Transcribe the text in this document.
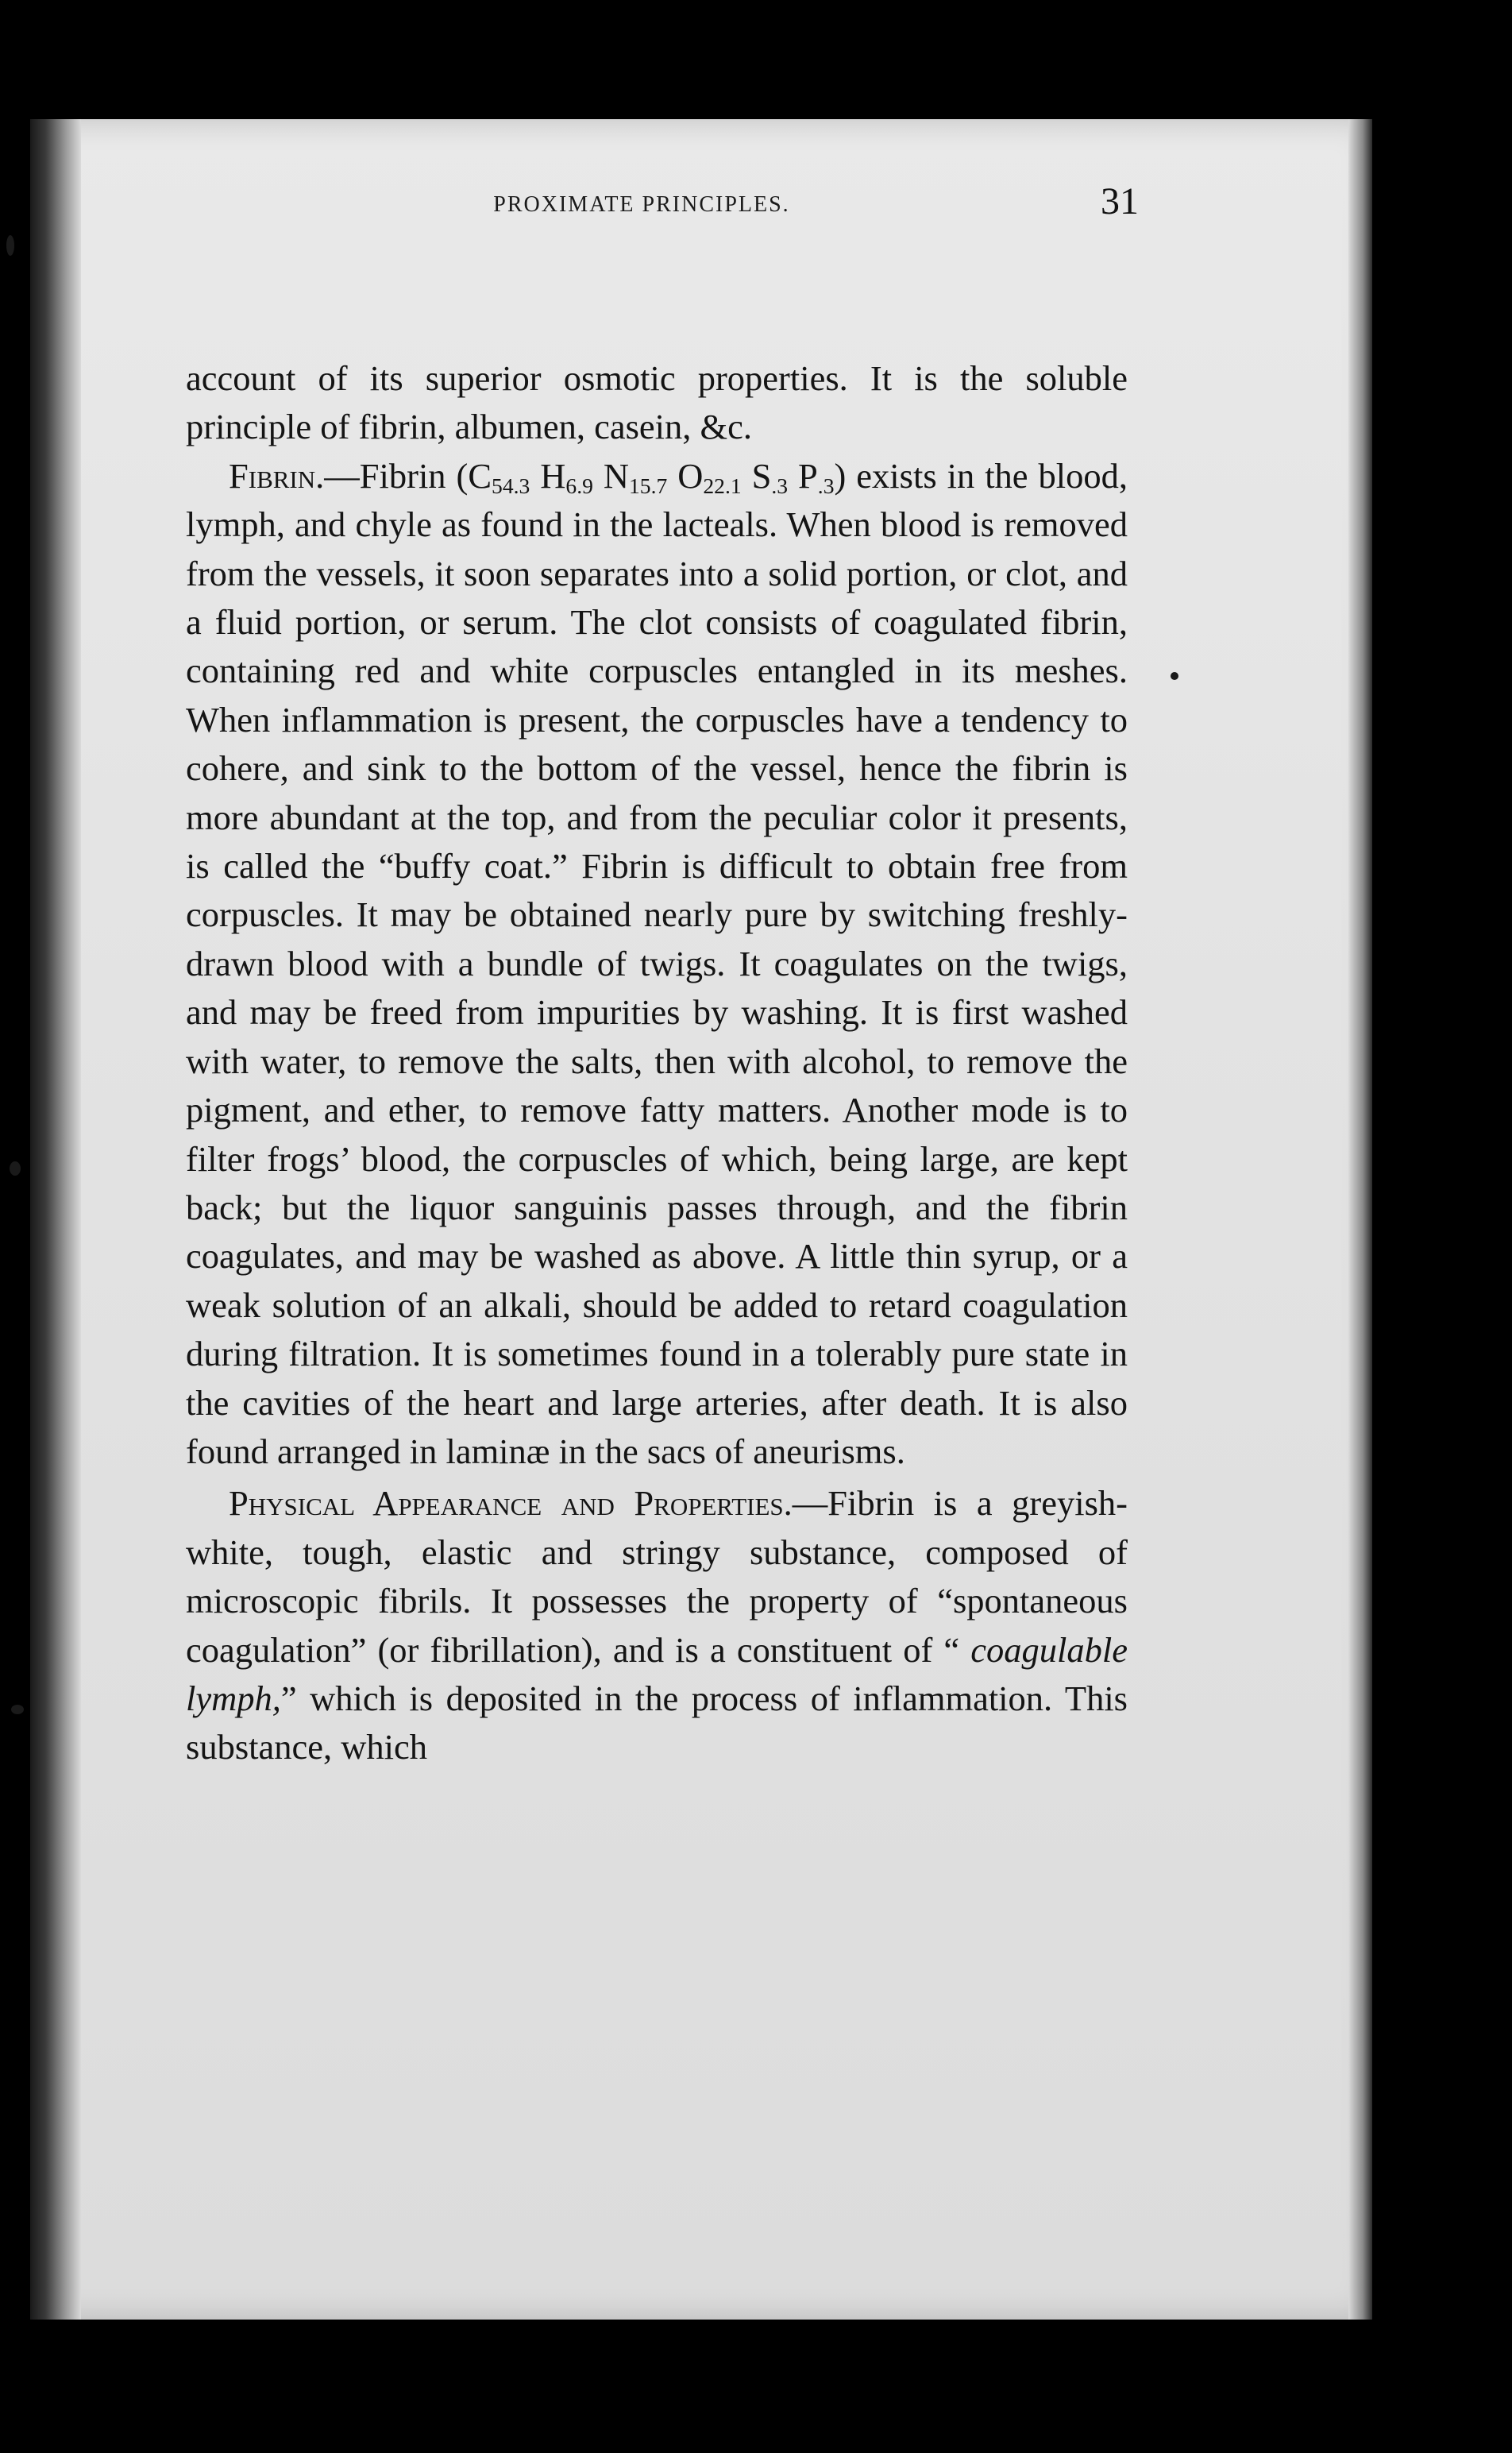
PROXIMATE PRINCIPLES.	31

account of its superior osmotic properties. It is the soluble principle of fibrin, albumen, casein, &c.

Fibrin.—Fibrin ($C_{54.3}$ $H_{6.9}$ $N_{15.7}$ $O_{22.1}$ $S_{.3}$ $P_{.3}$) exists in the blood, lymph, and chyle as found in the lacteals. When blood is removed from the vessels, it soon separates into a solid portion, or clot, and a fluid portion, or serum. The clot consists of coagulated fibrin, containing red and white corpuscles entangled in its meshes. When inflammation is present, the corpuscles have a tendency to cohere, and sink to the bottom of the vessel, hence the fibrin is more abundant at the top, and from the peculiar color it presents, is called the “buffy coat.” Fibrin is difficult to obtain free from corpuscles. It may be obtained nearly pure by switching freshly-drawn blood with a bundle of twigs. It coagulates on the twigs, and may be freed from impurities by washing. It is first washed with water, to remove the salts, then with alcohol, to remove the pigment, and ether, to remove fatty matters. Another mode is to filter frogs’ blood, the corpuscles of which, being large, are kept back; but the liquor sanguinis passes through, and the fibrin coagulates, and may be washed as above. A little thin syrup, or a weak solution of an alkali, should be added to retard coagulation during filtration. It is sometimes found in a tolerably pure state in the cavities of the heart and large arteries, after death. It is also found arranged in laminæ in the sacs of aneurisms.

Physical Appearance and Properties.—Fibrin is a greyish-white, tough, elastic and stringy substance, composed of microscopic fibrils. It possesses the property of “spontaneous coagulation” (or fibrillation), and is a constituent of “ coagulable lymph,” which is deposited in the process of inflammation. This substance, which
